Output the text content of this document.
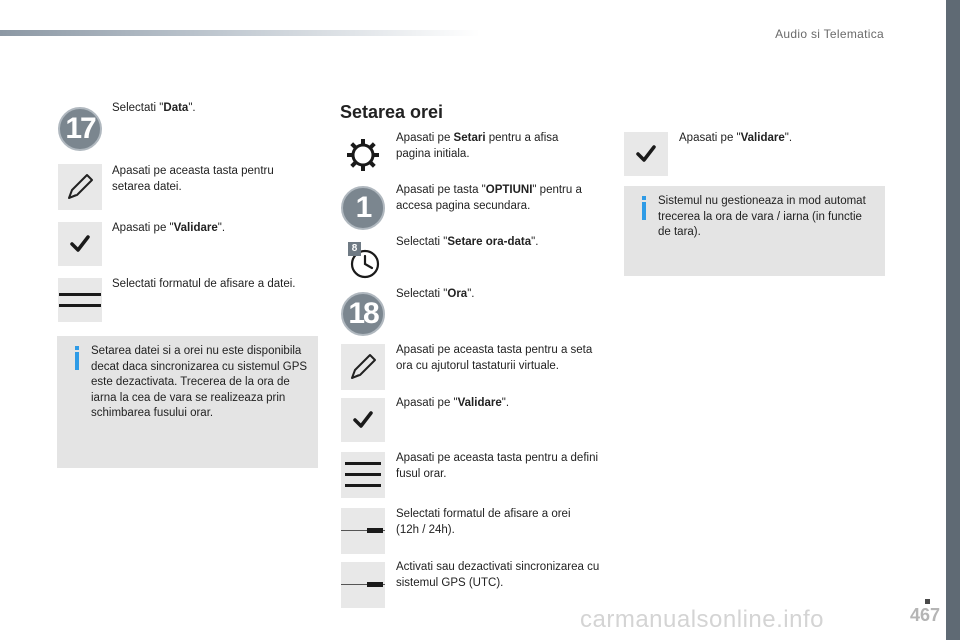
Audio si Telematica
17
Selectati "Data".
Apasati pe aceasta tasta pentru setarea datei.
Apasati pe "Validare".
Selectati formatul de afisare a datei.
Setarea datei si a orei nu este disponibila decat daca sincronizarea cu sistemul GPS este dezactivata. Trecerea de la ora de iarna la cea de vara se realizeaza prin schimbarea fusului orar.
Setarea orei
Apasati pe Setari pentru a afisa pagina initiala.
1
Apasati pe tasta "OPTIUNI" pentru a accesa pagina secundara.
8
Selectati "Setare ora-data".
18
Selectati "Ora".
Apasati pe aceasta tasta pentru a seta ora cu ajutorul tastaturii virtuale.
Apasati pe "Validare".
Apasati pe aceasta tasta pentru a defini fusul orar.
Selectati formatul de afisare a orei (12h / 24h).
Activati sau dezactivati sincronizarea cu sistemul GPS (UTC).
Apasati pe "Validare".
Sistemul nu gestioneaza in mod automat trecerea la ora de vara / iarna (in functie de tara).
467
carmanualsonline.info
